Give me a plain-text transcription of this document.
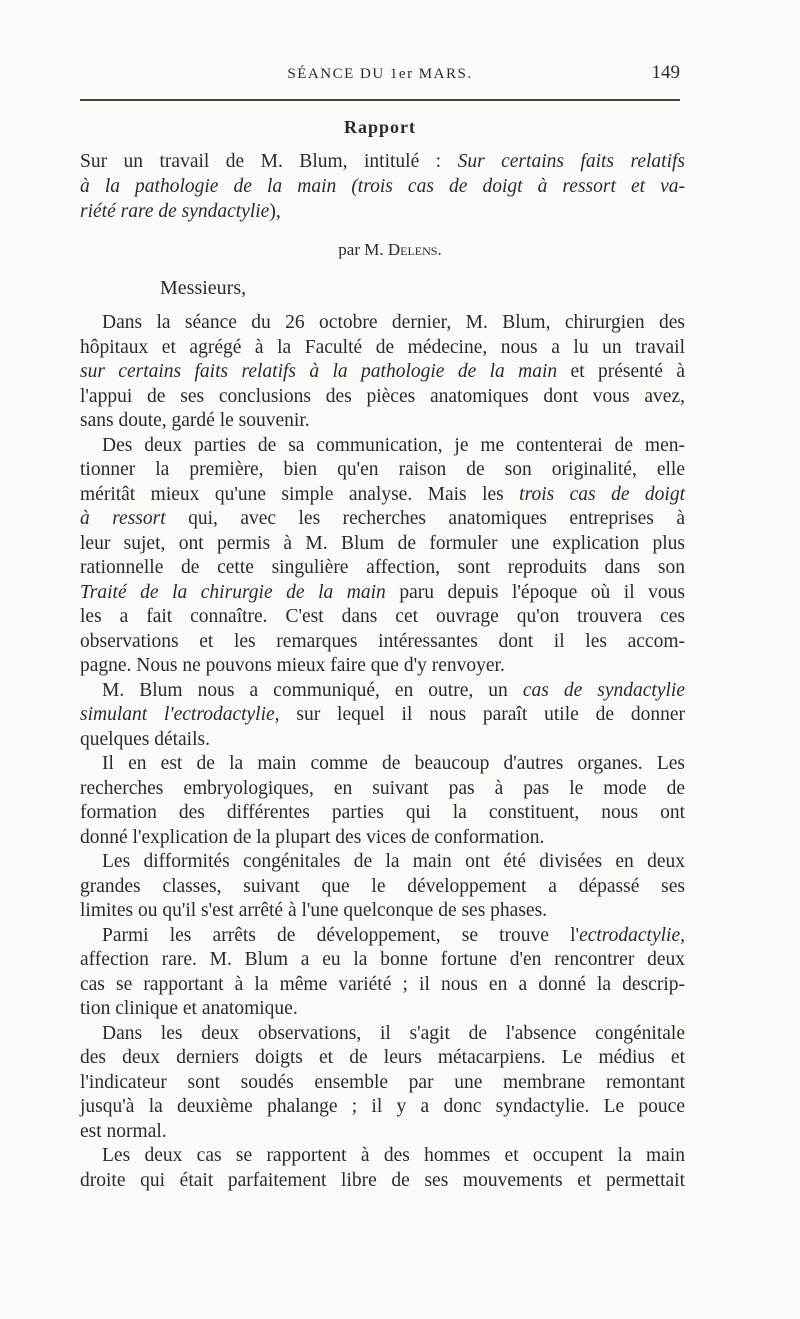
SÉANCE DU 1er MARS.	149
Rapport
Sur un travail de M. Blum, intitulé : Sur certains faits relatifs
à la pathologie de la main (trois cas de doigt à ressort et va-
riété rare de syndactylie),
par M. Delens.
Messieurs,
Dans la séance du 26 octobre dernier, M. Blum, chirurgien des
hôpitaux et agrégé à la Faculté de médecine, nous a lu un travail
sur certains faits relatifs à la pathologie de la main et présenté à
l'appui de ses conclusions des pièces anatomiques dont vous avez,
sans doute, gardé le souvenir.
Des deux parties de sa communication, je me contenterai de men-
tionner la première, bien qu'en raison de son originalité, elle
méritât mieux qu'une simple analyse. Mais les trois cas de doigt
à ressort qui, avec les recherches anatomiques entreprises à
leur sujet, ont permis à M. Blum de formuler une explication plus
rationnelle de cette singulière affection, sont reproduits dans son
Traité de la chirurgie de la main paru depuis l'époque où il vous
les a fait connaître. C'est dans cet ouvrage qu'on trouvera ces
observations et les remarques intéressantes dont il les accom-
pagne. Nous ne pouvons mieux faire que d'y renvoyer.
M. Blum nous a communiqué, en outre, un cas de syndactylie
simulant l'ectrodactylie, sur lequel il nous paraît utile de donner
quelques détails.
Il en est de la main comme de beaucoup d'autres organes. Les
recherches embryologiques, en suivant pas à pas le mode de
formation des différentes parties qui la constituent, nous ont
donné l'explication de la plupart des vices de conformation.
Les difformités congénitales de la main ont été divisées en deux
grandes classes, suivant que le développement a dépassé ses
limites ou qu'il s'est arrêté à l'une quelconque de ses phases.
Parmi les arrêts de développement, se trouve l'ectrodactylie,
affection rare. M. Blum a eu la bonne fortune d'en rencontrer deux
cas se rapportant à la même variété ; il nous en a donné la descrip-
tion clinique et anatomique.
Dans les deux observations, il s'agit de l'absence congénitale
des deux derniers doigts et de leurs métacarpiens. Le médius et
l'indicateur sont soudés ensemble par une membrane remontant
jusqu'à la deuxième phalange ; il y a donc syndactylie. Le pouce
est normal.
Les deux cas se rapportent à des hommes et occupent la main
droite qui était parfaitement libre de ses mouvements et permettait
